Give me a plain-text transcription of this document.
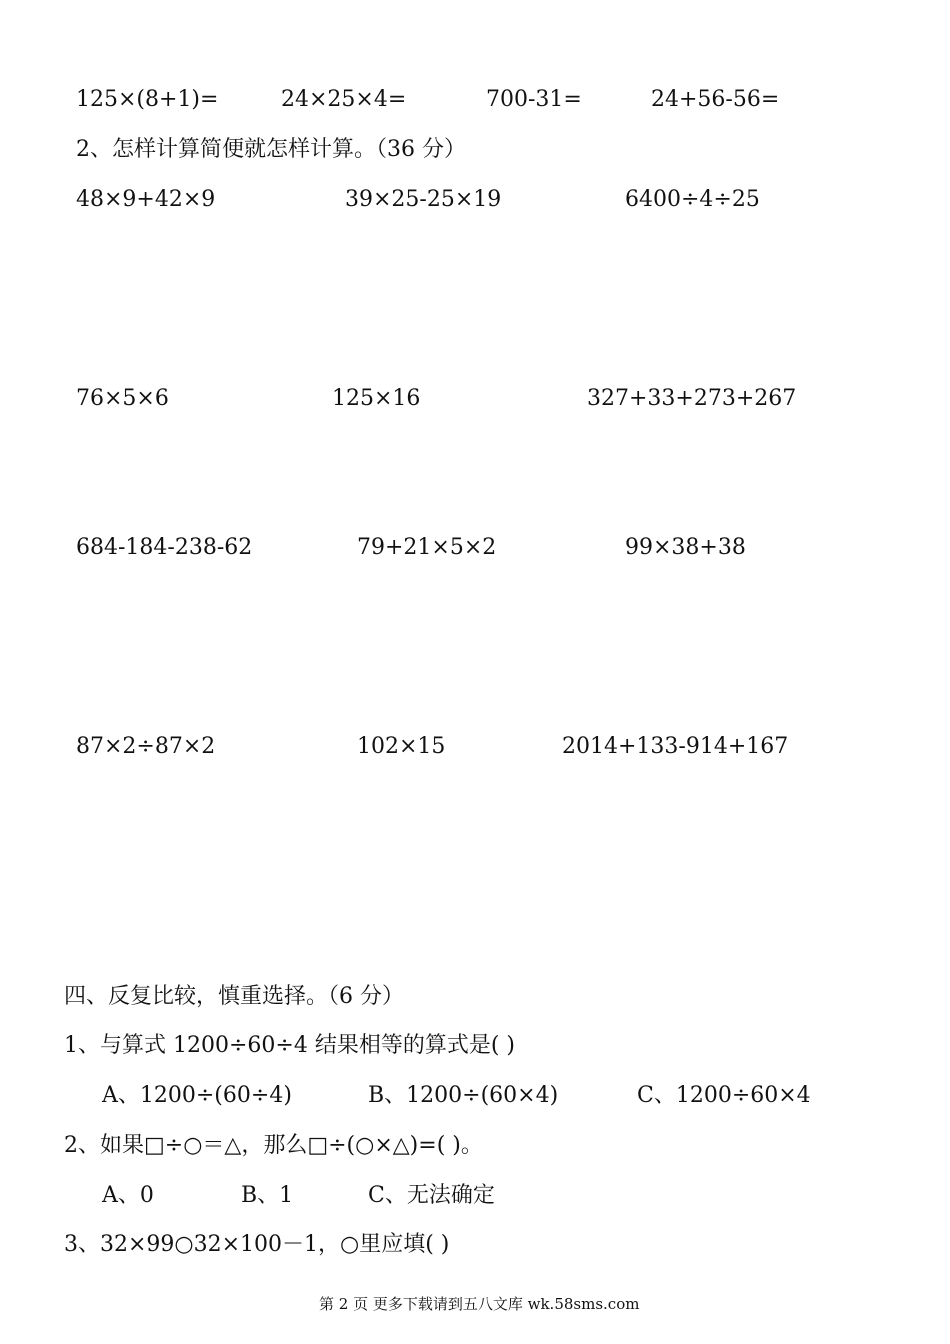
125×(8+1)=	24×25×4=	700-31=	24+56-56=
2、怎样计算简便就怎样计算。（36 分）
48×9+42×9	39×25-25×19	6400÷4÷25
76×5×6	125×16	327+33+273+267
684-184-238-62	79+21×5×2	99×38+38
87×2÷87×2	102×15	2014+133-914+167
四、反复比较，慎重选择。（6 分）
1、与算式 1200÷60÷4 结果相等的算式是( )
A、1200÷(60÷4)	B、1200÷(60×4)	C、1200÷60×4
2、如果□÷○＝△，那么□÷(○×△)=( )。
A、0	B、1	C、无法确定
3、32×99○32×100－1，○里应填( )
第 2 页 更多下载请到五八文库 wk.58sms.com
